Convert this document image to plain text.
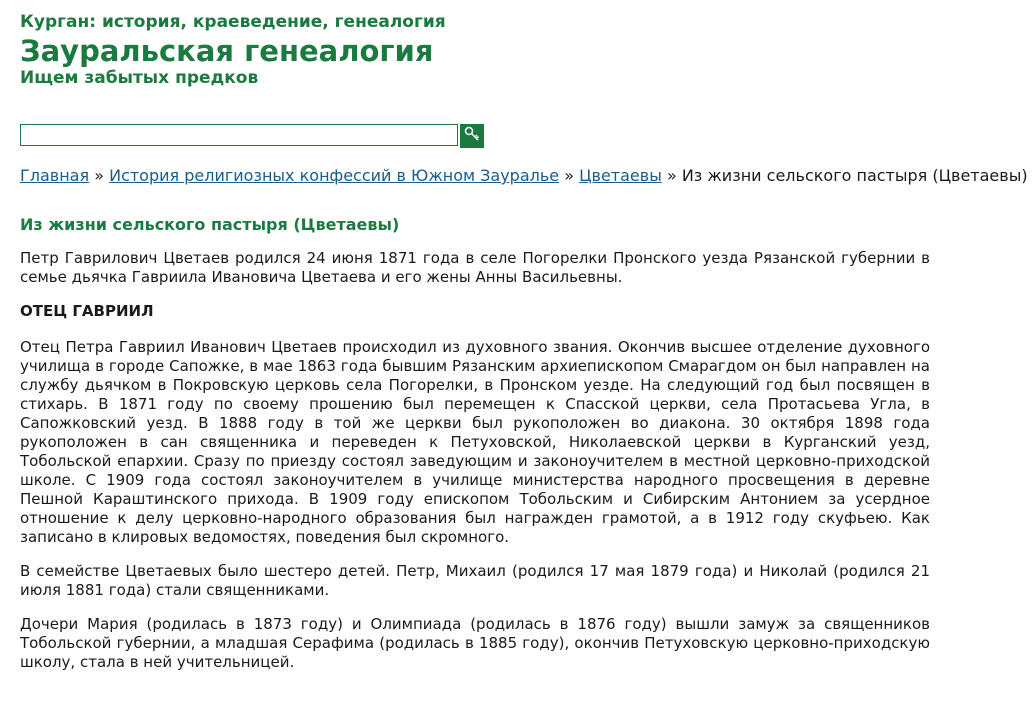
Курган: история, краеведение, генеалогия
Зауральская генеалогия
Ищем забытых предков
Главная » История религиозных конфессий в Южном Зауралье » Цветаевы » Из жизни сельского пастыря (Цветаевы)
Из жизни сельского пастыря (Цветаевы)

Петр Гаврилович Цветаев родился 24 июня 1871 года в селе Погорелки Пронского уезда Рязанской губернии в семье дьячка Гавриила Ивановича Цветаева и его жены Анны Васильевны.

ОТЕЦ ГАВРИИЛ

Отец Петра Гавриил Иванович Цветаев происходил из духовного звания. Окончив высшее отделение духовного училища в городе Сапожке, в мае 1863 года бывшим Рязанским архиепископом Смарагдом он был направлен на службу дьячком в Покровскую церковь села Погорелки, в Пронском уезде. На следующий год был посвящен в стихарь. В 1871 году по своему прошению был перемещен к Спасской церкви, села Протасьева Угла, в Сапожковский уезд. В 1888 году в той же церкви был рукоположен во диакона. 30 октября 1898 года рукоположен в сан священника и переведен к Петуховской, Николаевской церкви в Курганский уезд, Тобольской епархии. Сразу по приезду состоял заведующим и законоучителем в местной церковно-приходской школе. С 1909 года состоял законоучителем в училище министерства народного просвещения в деревне Пешной Караштинского прихода. В 1909 году епископом Тобольским и Сибирским Антонием за усердное отношение к делу церковно-народного образования был награжден грамотой, а в 1912 году скуфьею. Как записано в клировых ведомостях, поведения был скромного.

В семействе Цветаевых было шестеро детей. Петр, Михаил (родился 17 мая 1879 года) и Николай (родился 21 июля 1881 года) стали священниками.

Дочери Мария (родилась в 1873 году) и Олимпиада (родилась в 1876 году) вышли замуж за священников Тобольской губернии, а младшая Серафима (родилась в 1885 году), окончив Петуховскую церковно-приходскую школу, стала в ней учительницей.
